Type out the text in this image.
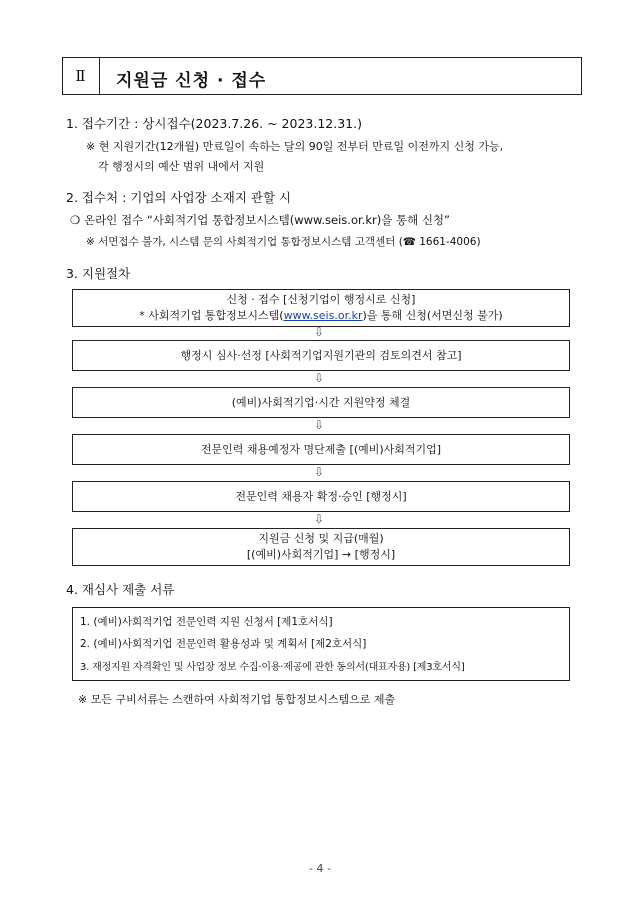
Ⅱ	지원금 신청 · 접수
1. 접수기간 : 상시접수(2023.7.26. ~ 2023.12.31.)
※ 현 지원기간(12개월) 만료일이 속하는 달의 90일 전부터 만료일 이전까지 신청 가능,
각 행정시의 예산 범위 내에서 지원
2. 접수처 : 기업의 사업장 소재지 관할 시
❍ 온라인 접수 “사회적기업 통합정보시스템(www.seis.or.kr)을 통해 신청”
※ 서면접수 불가, 시스템 문의 사회적기업 통합정보시스템 고객센터 (☎ 1661-4006)
3. 지원절차
신청 · 접수 [신청기업이 행정시로 신청]
* 사회적기업 통합정보시스템(www.seis.or.kr)을 통해 신청(서면신청 불가)
⇩
행정시 심사·선정 [사회적기업지원기관의 검토의견서 참고]
⇩
(예비)사회적기업·시간 지원약정 체결
⇩
전문인력 채용예정자 명단제출 [(예비)사회적기업]
⇩
전문인력 채용자 확정·승인 [행정시]
⇩
지원금 신청 및 지급(매월)
[(예비)사회적기업] → [행정시]
4. 재심사 제출 서류
1. (예비)사회적기업 전문인력 지원 신청서 [제1호서식]
2. (예비)사회적기업 전문인력 활용성과 및 계획서 [제2호서식]
3. 재정지원 자격확인 및 사업장 정보 수집·이용·제공에 관한 동의서(대표자용) [제3호서식]
※ 모든 구비서류는 스캔하여 사회적기업 통합정보시스템으로 제출
- 4 -
